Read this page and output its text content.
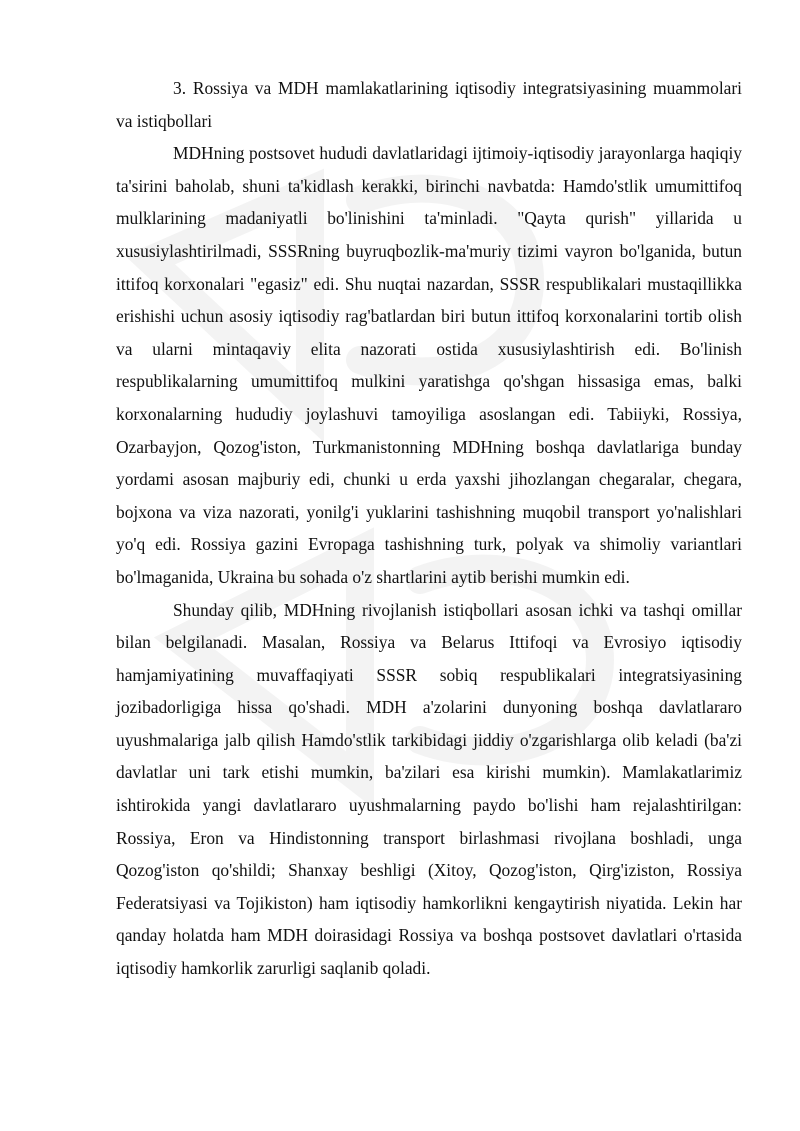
3. Rossiya va MDH mamlakatlarining iqtisodiy integratsiyasining muammolari va istiqbollari

MDHning postsovet hududi davlatlaridagi ijtimoiy-iqtisodiy jarayonlarga haqiqiy ta'sirini baholab, shuni ta'kidlash kerakki, birinchi navbatda: Hamdo'stlik umumittifoq mulklarining madaniyatli bo'linishini ta'minladi. "Qayta qurish" yillarida u xususiylashtirilmadi, SSSRning buyruqbozlik-ma'muriy tizimi vayron bo'lganida, butun ittifoq korxonalari "egasiz" edi. Shu nuqtai nazardan, SSSR respublikalari mustaqillikka erishishi uchun asosiy iqtisodiy rag'batlardan biri butun ittifoq korxonalarini tortib olish va ularni mintaqaviy elita nazorati ostida xususiylashtirish edi. Bo'linish respublikalarning umumittifoq mulkini yaratishga qo'shgan hissasiga emas, balki korxonalarning hududiy joylashuvi tamoyiliga asoslangan edi. Tabiiyki, Rossiya, Ozarbayjon, Qozog'iston, Turkmanistonning MDHning boshqa davlatlariga bunday yordami asosan majburiy edi, chunki u erda yaxshi jihozlangan chegaralar, chegara, bojxona va viza nazorati, yonilg'i yuklarini tashishning muqobil transport yo'nalishlari yo'q edi. Rossiya gazini Evropaga tashishning turk, polyak va shimoliy variantlari bo'lmaganida, Ukraina bu sohada o'z shartlarini aytib berishi mumkin edi.

Shunday qilib, MDHning rivojlanish istiqbollari asosan ichki va tashqi omillar bilan belgilanadi. Masalan, Rossiya va Belarus Ittifoqi va Evrosiyo iqtisodiy hamjamiyatining muvaffaqiyati SSSR sobiq respublikalari integratsiyasining jozibadorligiga hissa qo'shadi. MDH a'zolarini dunyoning boshqa davlatlararo uyushmalariga jalb qilish Hamdo'stlik tarkibidagi jiddiy o'zgarishlarga olib keladi (ba'zi davlatlar uni tark etishi mumkin, ba'zilari esa kirishi mumkin). Mamlakatlarimiz ishtirokida yangi davlatlararo uyushmalarning paydo bo'lishi ham rejalashtirilgan: Rossiya, Eron va Hindistonning transport birlashmasi rivojlana boshladi, unga Qozog'iston qo'shildi; Shanxay beshligi (Xitoy, Qozog'iston, Qirg'iziston, Rossiya Federatsiyasi va Tojikiston) ham iqtisodiy hamkorlikni kengaytirish niyatida. Lekin har qanday holatda ham MDH doirasidagi Rossiya va boshqa postsovet davlatlari o'rtasida iqtisodiy hamkorlik zarurligi saqlanib qoladi.
